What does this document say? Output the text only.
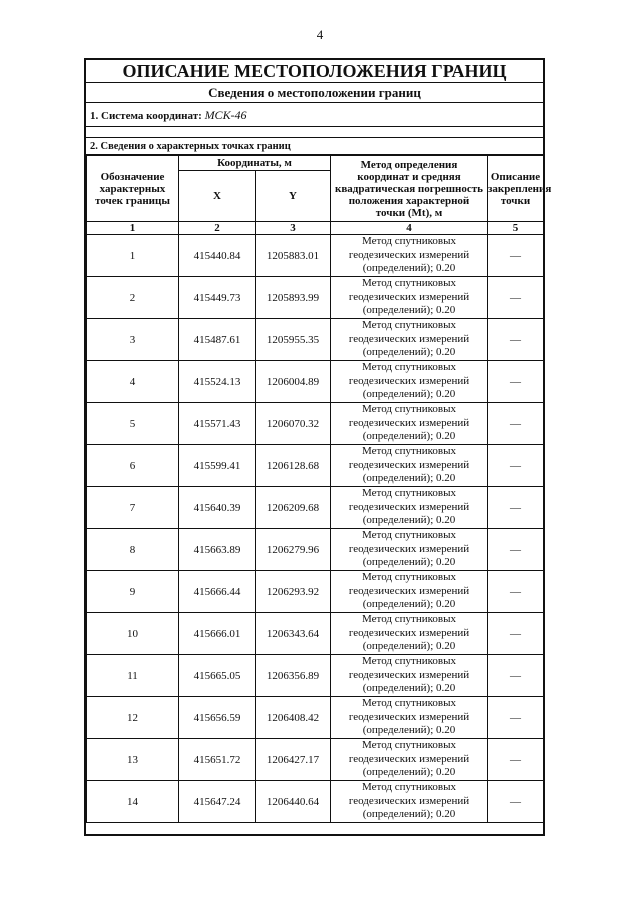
4
ОПИСАНИЕ МЕСТОПОЛОЖЕНИЯ ГРАНИЦ
Сведения о местоположении границ
1. Система координат: МСК-46
2. Сведения о характерных точках границ
Обозначение характерных точек границы	Координаты, м		Метод определения координат и средняя квадратическая погрешность положения характерной точки (Mt), м	Описание закрепления точки
	X	Y		
1	2	3	4	5
1	415440.84	1205883.01	Метод спутниковых геодезических измерений (определений); 0.20	—
2	415449.73	1205893.99	Метод спутниковых геодезических измерений (определений); 0.20	—
3	415487.61	1205955.35	Метод спутниковых геодезических измерений (определений); 0.20	—
4	415524.13	1206004.89	Метод спутниковых геодезических измерений (определений); 0.20	—
5	415571.43	1206070.32	Метод спутниковых геодезических измерений (определений); 0.20	—
6	415599.41	1206128.68	Метод спутниковых геодезических измерений (определений); 0.20	—
7	415640.39	1206209.68	Метод спутниковых геодезических измерений (определений); 0.20	—
8	415663.89	1206279.96	Метод спутниковых геодезических измерений (определений); 0.20	—
9	415666.44	1206293.92	Метод спутниковых геодезических измерений (определений); 0.20	—
10	415666.01	1206343.64	Метод спутниковых геодезических измерений (определений); 0.20	—
11	415665.05	1206356.89	Метод спутниковых геодезических измерений (определений); 0.20	—
12	415656.59	1206408.42	Метод спутниковых геодезических измерений (определений); 0.20	—
13	415651.72	1206427.17	Метод спутниковых геодезических измерений (определений); 0.20	—
14	415647.24	1206440.64	Метод спутниковых геодезических измерений (определений); 0.20	—
